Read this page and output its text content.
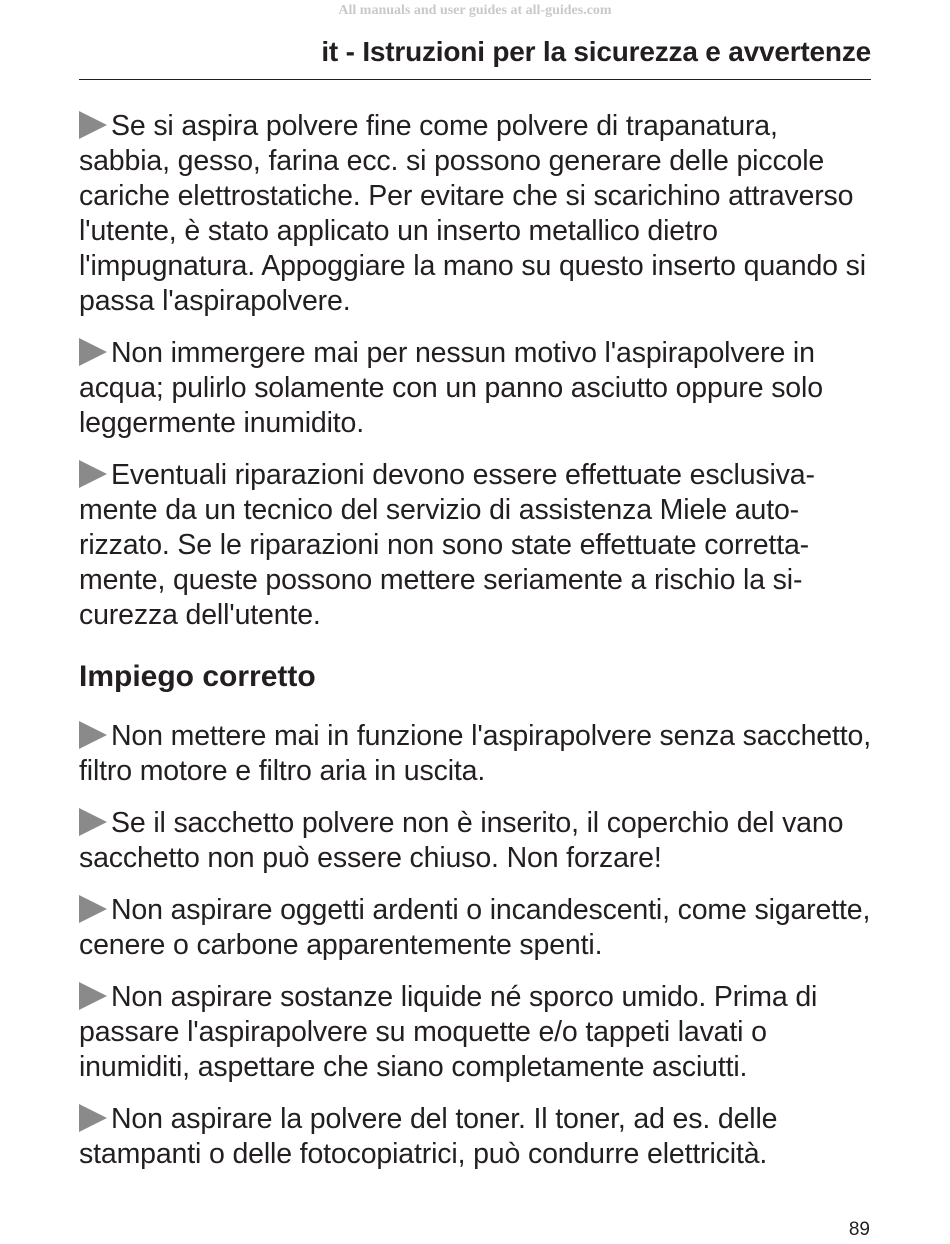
All manuals and user guides at all-guides.com
it - Istruzioni per la sicurezza e avvertenze

Se si aspira polvere fine come polvere di trapanatura, sabbia, gesso, farina ecc. si possono generare delle piccole cariche elettrostatiche. Per evitare che si scarichino attraverso l'utente, è stato applicato un inserto metallico dietro l'impugnatura. Appoggiare la mano su questo inserto quando si passa l'aspirapolvere.

Non immergere mai per nessun motivo l'aspirapolvere in acqua; pulirlo solamente con un panno asciutto oppure solo leggermente inumidito.

Eventuali riparazioni devono essere effettuate esclusivamente da un tecnico del servizio di assistenza Miele autorizzato. Se le riparazioni non sono state effettuate correttamente, queste possono mettere seriamente a rischio la sicurezza dell'utente.

Impiego corretto

Non mettere mai in funzione l'aspirapolvere senza sacchetto, filtro motore e filtro aria in uscita.

Se il sacchetto polvere non è inserito, il coperchio del vano sacchetto non può essere chiuso. Non forzare!

Non aspirare oggetti ardenti o incandescenti, come sigarette, cenere o carbone apparentemente spenti.

Non aspirare sostanze liquide né sporco umido. Prima di passare l'aspirapolvere su moquette e/o tappeti lavati o inumiditi, aspettare che siano completamente asciutti.

Non aspirare la polvere del toner. Il toner, ad es. delle stampanti o delle fotocopiatrici, può condurre elettricità.

89
